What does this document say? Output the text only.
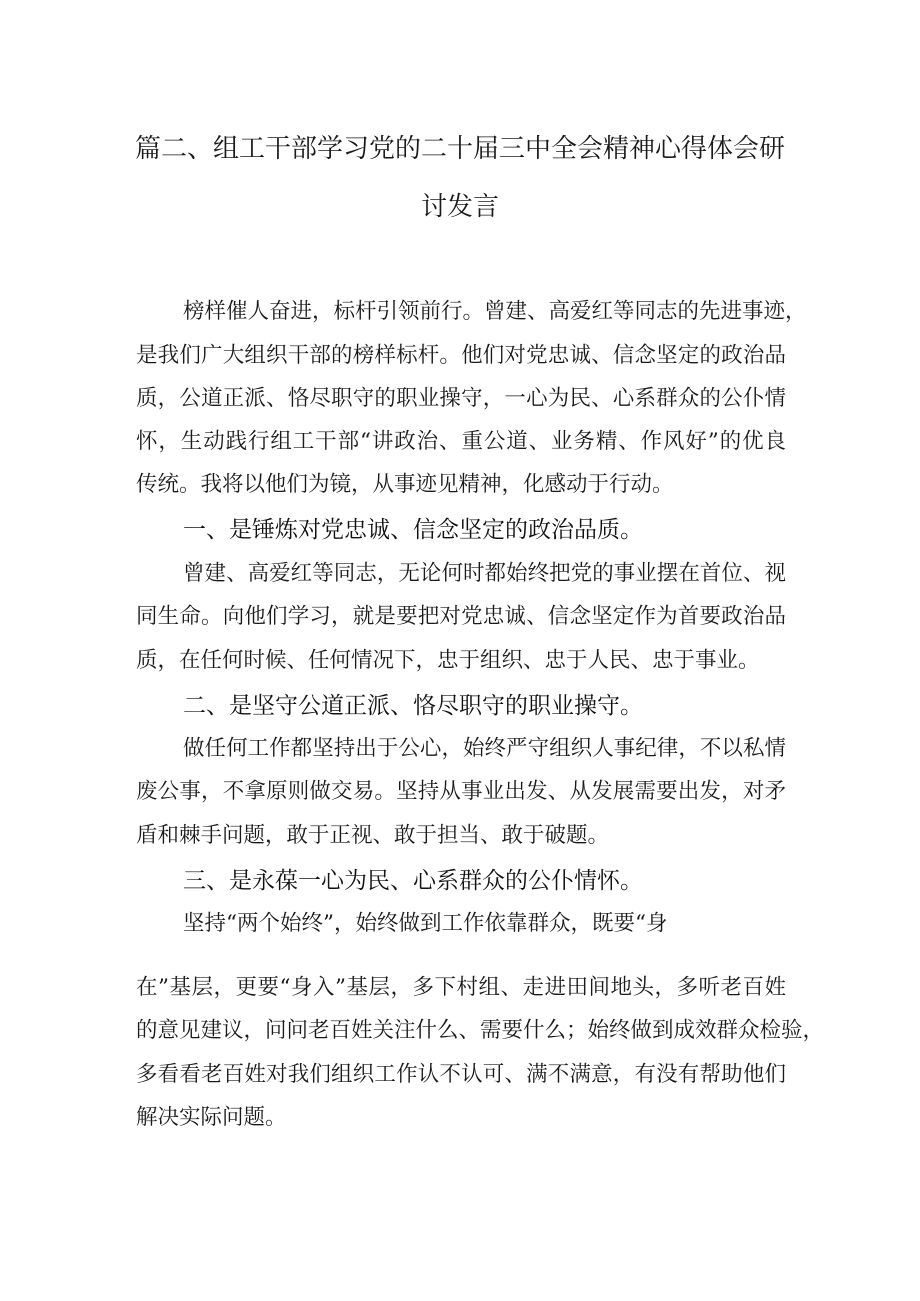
篇二、组工干部学习党的二十届三中全会精神心得体会研
讨发言
榜样催人奋进，标杆引领前行。曾建、高爱红等同志的先进事迹，
是我们广大组织干部的榜样标杆。他们对党忠诚、信念坚定的政治品
质，公道正派、恪尽职守的职业操守，一心为民、心系群众的公仆情
怀，生动践行组工干部“讲政治、重公道、业务精、作风好”的优良
传统。我将以他们为镜，从事迹见精神，化感动于行动。
一、是锤炼对党忠诚、信念坚定的政治品质。
曾建、高爱红等同志，无论何时都始终把党的事业摆在首位、视
同生命。向他们学习，就是要把对党忠诚、信念坚定作为首要政治品
质，在任何时候、任何情况下，忠于组织、忠于人民、忠于事业。
二、是坚守公道正派、恪尽职守的职业操守。
做任何工作都坚持出于公心，始终严守组织人事纪律，不以私情
废公事，不拿原则做交易。坚持从事业出发、从发展需要出发，对矛
盾和棘手问题，敢于正视、敢于担当、敢于破题。
三、是永葆一心为民、心系群众的公仆情怀。
坚持“两个始终”，始终做到工作依靠群众，既要“身
在”基层，更要“身入”基层，多下村组、走进田间地头，多听老百姓
的意见建议，问问老百姓关注什么、需要什么；始终做到成效群众检验，
多看看老百姓对我们组织工作认不认可、满不满意，有没有帮助他们
解决实际问题。
